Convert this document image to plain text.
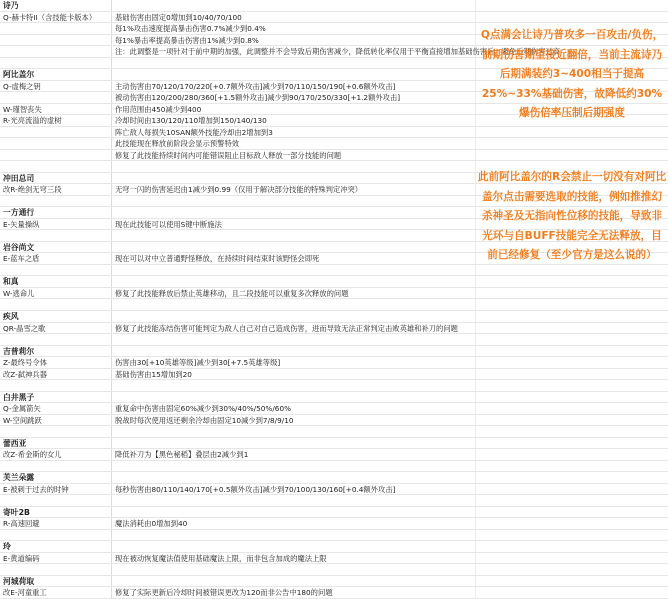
诗乃
Q-赫卡特II（含技能卡版本）	基础伤害由固定0增加到10/40/70/100
每1%攻击速度提高暴击伤害0.7%减少到0.4%
每1%暴击率提高暴击伤害由1%减少到0.8%
注：此调整是一项针对于前中期的加强，此调整并不会导致后期伤害减少，降低转化率仅用于平衡直接增加基础伤害后，避免后期伤害过高
阿比盖尔
Q-虚梅之钥	主动伤害由70/120/170/220[+0.7额外攻击]减少到70/110/150/190[+0.6额外攻击]
被动伤害由120/200/280/360[+1.5额外攻击]减少到90/170/250/330[+1.2额外攻击]
W-瑾智丧失	作用范围由450减少到400
R-光亮流溢的虚树	冷却时间由130/120/110增加到150/140/130
阵亡敌人每损失10SAN额外技能冷却由2增加到3
此技能现在释放前阶段会显示预警特效
修复了此技能持续时间内可能错误阻止目标敌人释放一部分技能的问题
冲田总司
改R-绝剑无穹三段	无穹一闪的伤害延迟由1减少到0.99（仅用于解决部分技能的特殊判定冲突）
一方通行
E-矢量操纵	现在此技能可以使用S键中断施法
岩谷尚文
E-蓝车之盾	现在可以对中立普通野怪释放，在持续时间结束时该野怪会即死
和真
W-逃命儿	修复了此技能释放后禁止英雄移动，且二段技能可以重复多次释放的问题
疾风
QR-晶雪之歌	修复了此技能冻结伤害可能判定为敌人自己对自己造成伤害，进而导致无法正常判定击败英雄和补刀的问题
吉普莉尔
Z-最终号令体	伤害由30[+10英雄等级]减少到30[+7.5英雄等级]
改Z-弑神兵器	基础伤害由15增加到20
白井黑子
Q-金属箭矢	重复命中伤害由固定60%减少到30%/40%/50%/60%
W-空间跳跃	脱战时每次使用返还剩余冷却由固定10减少到7/8/9/10
蕾西亚
改Z-希金斯的女儿	降低补刀为【黑色秘稻】叠层由2减少到1
芙兰朵露
E-被刺于过去的时钟	每秒伤害由80/110/140/170[+0.5额外攻击]减少到70/100/130/160[+0.4额外攻击]
寄叶2B
R-高速回避	魔法消耗由0增加到40
玲
E-黄道编码	现在被动恢复魔法值使用基础魔法上限，而非包含加成的魔法上限
河城荷取
改E-河童重工	修复了实际更新后冷却时间被错误更改为120而非公告中180的问题
Q点满会让诗乃普攻多一百攻击/负伤，前期伤害期望接近翻倍，当前主流诗乃后期满装约3~400相当于提高25%~33%基础伤害，故降低约30%爆伤倍率压制后期强度
此前阿比盖尔的R会禁止一切没有对阿比盖尔点击需要选取的技能，例如推推幻杀神圣及无指向性位移的技能，导致非光环与自BUFF技能完全无法释放，目前已经修复（至少官方是这么说的）
